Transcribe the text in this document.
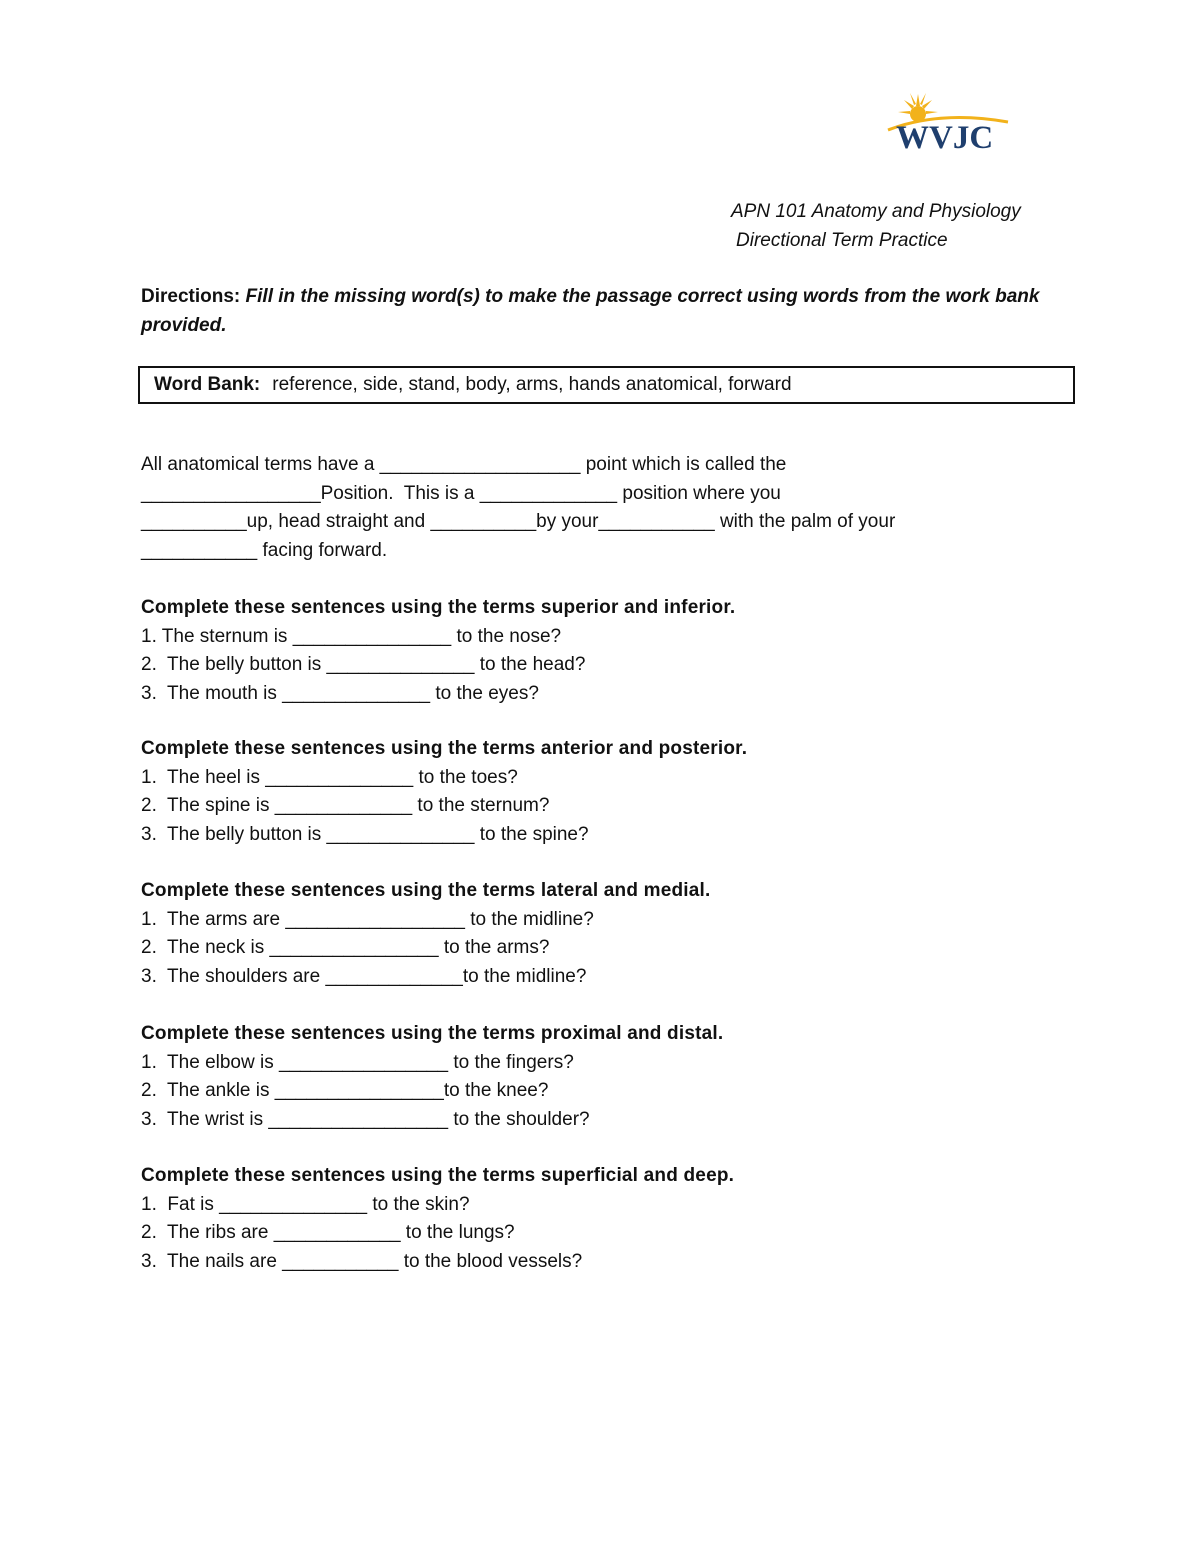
WVJC
APN 101 Anatomy and Physiology
Directional Term Practice
Directions: Fill in the missing word(s) to make the passage correct using words from the work bank provided.
Word Bank: reference, side, stand, body, arms, hands anatomical, forward
All anatomical terms have a ___________________ point which is called the
_________________Position.  This is a _____________ position where you
__________up, head straight and __________by your___________ with the palm of your
___________ facing forward.
Complete these sentences using the terms superior and inferior.
1. The sternum is _______________ to the nose?
2.  The belly button is ______________ to the head?
3.  The mouth is ______________ to the eyes?
Complete these sentences using the terms anterior and posterior.
1.  The heel is ______________ to the toes?
2.  The spine is _____________ to the sternum?
3.  The belly button is ______________ to the spine?
Complete these sentences using the terms lateral and medial.
1.  The arms are _________________ to the midline?
2.  The neck is ________________ to the arms?
3.  The shoulders are _____________to the midline?
Complete these sentences using the terms proximal and distal.
1.  The elbow is ________________ to the fingers?
2.  The ankle is ________________to the knee?
3.  The wrist is _________________ to the shoulder?
Complete these sentences using the terms superficial and deep.
1.  Fat is ______________ to the skin?
2.  The ribs are ____________ to the lungs?
3.  The nails are ___________ to the blood vessels?
